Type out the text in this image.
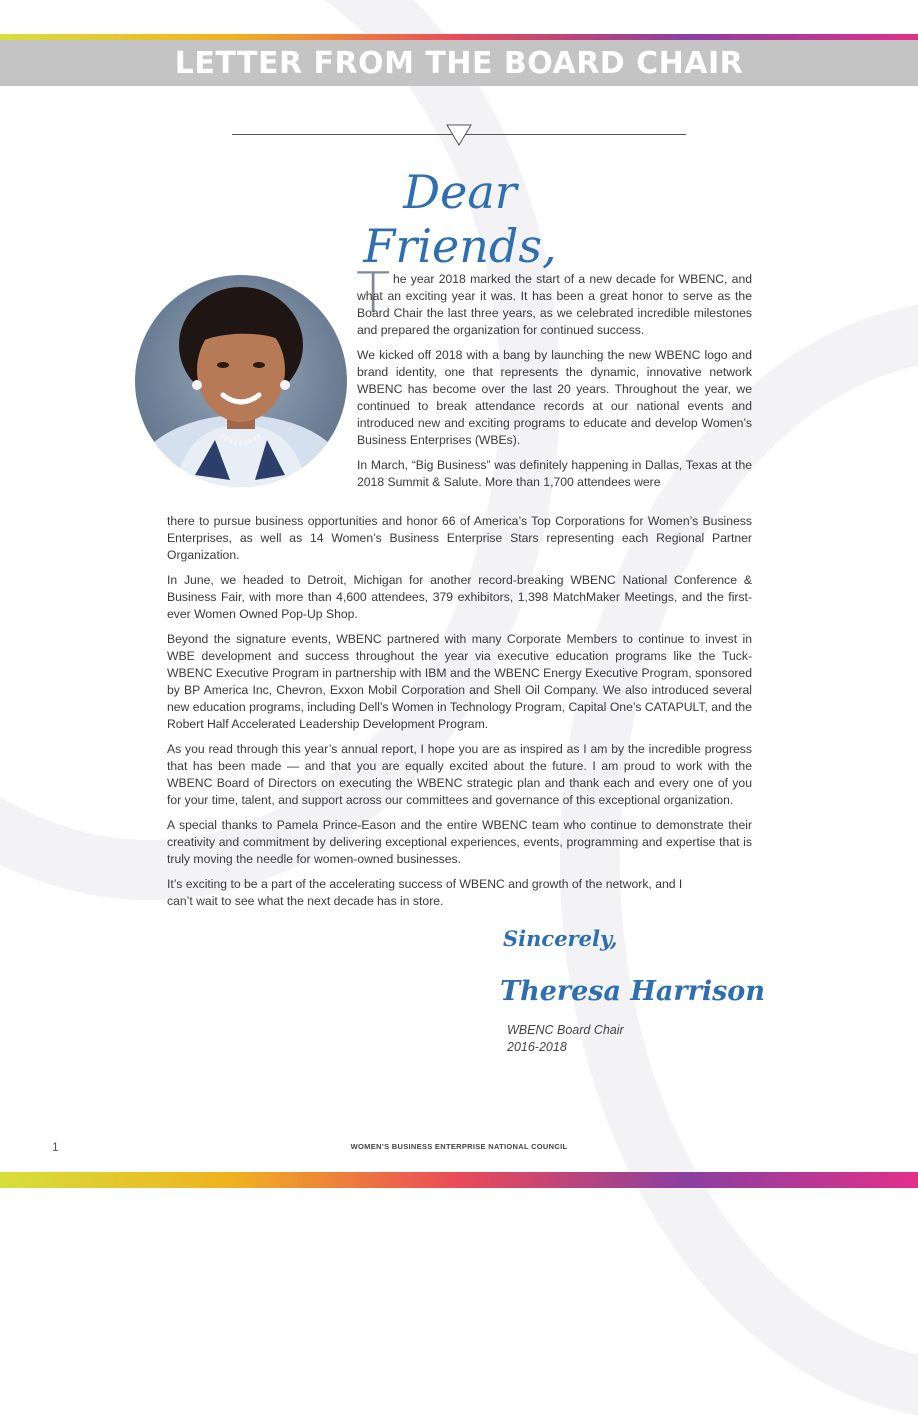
LETTER FROM THE BOARD CHAIR
Dear Friends,
T he year 2018 marked the start of a new decade for WBENC, and what an exciting year it was. It has been a great honor to serve as the Board Chair the last three years, as we celebrated incredible milestones and prepared the organization for continued success.

We kicked off 2018 with a bang by launching the new WBENC logo and brand identity, one that represents the dynamic, innovative network WBENC has become over the last 20 years. Throughout the year, we continued to break attendance records at our national events and introduced new and exciting programs to educate and develop Women’s Business Enterprises (WBEs).

In March, “Big Business” was definitely happening in Dallas, Texas at the 2018 Summit & Salute. More than 1,700 attendees were

there to pursue business opportunities and honor 66 of America’s Top Corporations for Women’s Business Enterprises, as well as 14 Women’s Business Enterprise Stars representing each Regional Partner Organization.

In June, we headed to Detroit, Michigan for another record-breaking WBENC National Conference & Business Fair, with more than 4,600 attendees, 379 exhibitors, 1,398 MatchMaker Meetings, and the first-ever Women Owned Pop-Up Shop.

Beyond the signature events, WBENC partnered with many Corporate Members to continue to invest in WBE development and success throughout the year via executive education programs like the Tuck-WBENC Executive Program in partnership with IBM and the WBENC Energy Executive Program, sponsored by BP America Inc, Chevron, Exxon Mobil Corporation and Shell Oil Company. We also introduced several new education programs, including Dell’s Women in Technology Program, Capital One’s CATAPULT, and the Robert Half Accelerated Leadership Development Program.

As you read through this year’s annual report, I hope you are as inspired as I am by the incredible progress that has been made — and that you are equally excited about the future. I am proud to work with the WBENC Board of Directors on executing the WBENC strategic plan and thank each and every one of you for your time, talent, and support across our committees and governance of this exceptional organization.

A special thanks to Pamela Prince-Eason and the entire WBENC team who continue to demonstrate their creativity and commitment by delivering exceptional experiences, events, programming and expertise that is truly moving the needle for women-owned businesses.

It’s exciting to be a part of the accelerating success of WBENC and growth of the network, and I

can’t wait to see what the next decade has in store.

Sincerely,
Theresa Harrison
WBENC Board Chair
2016-2018
1	WOMEN’S BUSINESS ENTERPRISE NATIONAL COUNCIL
